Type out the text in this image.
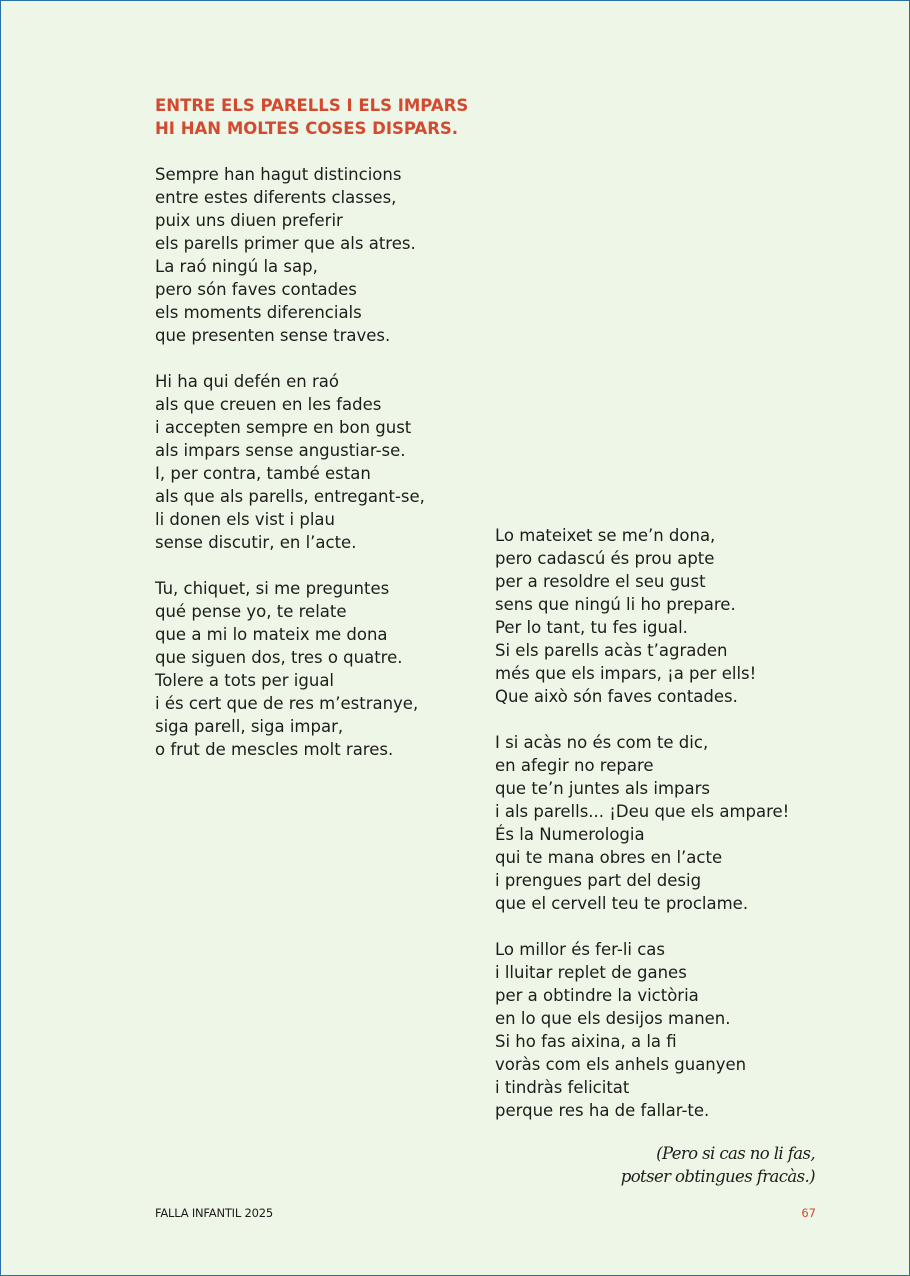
ENTRE ELS PARELLS I ELS IMPARS
HI HAN MOLTES COSES DISPARS.
Sempre han hagut distincions
entre estes diferents classes,
puix uns diuen preferir
els parells primer que als atres.
La raó ningú la sap,
pero són faves contades
els moments diferencials
que presenten sense traves.
Hi ha qui defén en raó
als que creuen en les fades
i accepten sempre en bon gust
als impars sense angustiar-se.
I, per contra, també estan
als que als parells, entregant-se,
li donen els vist i plau
sense discutir, en l’acte.
Tu, chiquet, si me preguntes
qué pense yo, te relate
que a mi lo mateix me dona
que siguen dos, tres o quatre.
Tolere a tots per igual
i és cert que de res m’estranye,
siga parell, siga impar,
o frut de mescles molt rares.
Lo mateixet se me’n dona,
pero cadascú és prou apte
per a resoldre el seu gust
sens que ningú li ho prepare.
Per lo tant, tu fes igual.
Si els parells acàs t’agraden
més que els impars, ¡a per ells!
Que això són faves contades.
I si acàs no és com te dic,
en afegir no repare
que te’n juntes als impars
i als parells... ¡Deu que els ampare!
És la Numerologia
qui te mana obres en l’acte
i prengues part del desig
que el cervell teu te proclame.
Lo millor és fer-li cas
i lluitar replet de ganes
per a obtindre la victòria
en lo que els desijos manen.
Si ho fas aixina, a la fi
voràs com els anhels guanyen
i tindràs felicitat
perque res ha de fallar-te.
(Pero si cas no li fas,
potser obtingues fracàs.)
FALLA INFANTIL 2025	67
